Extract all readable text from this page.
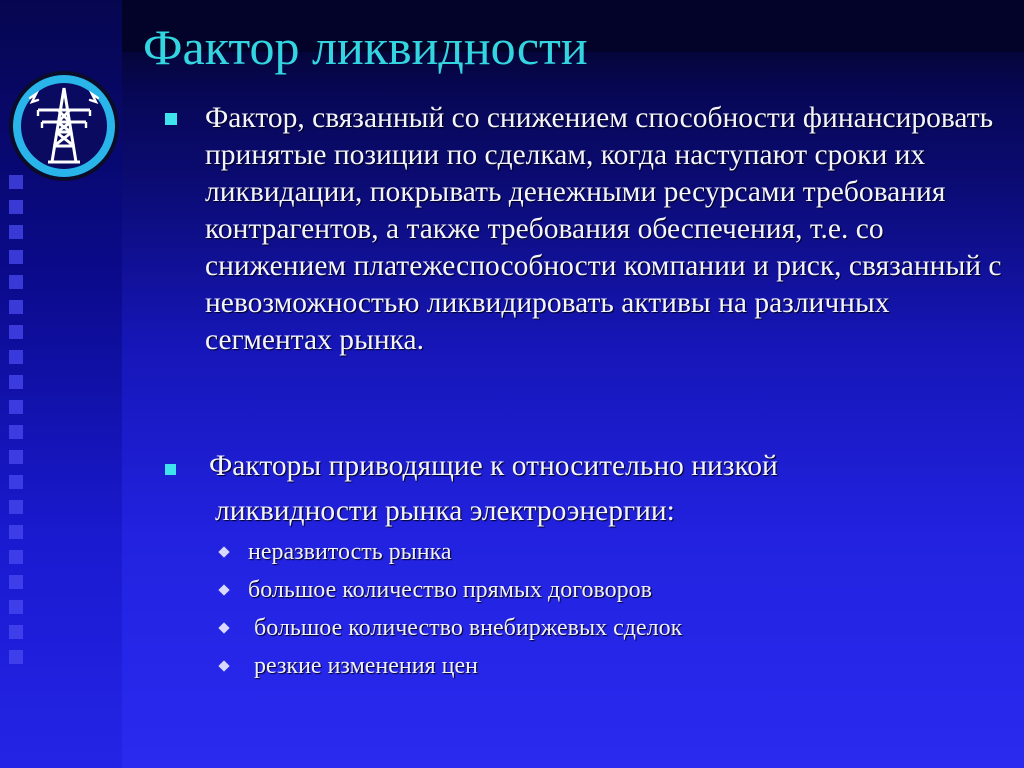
Фактор ликвидности

Фактор, связанный со снижением способности финансировать принятые позиции по сделкам, когда наступают сроки их ликвидации, покрывать денежными ресурсами требования контрагентов, а также требования обеспечения, т.е. со снижением платежеспособности компании и риск, связанный с невозможностью ликвидировать активы на различных сегментах рынка.

Факторы приводящие к относительно низкой

ликвидности рынка электроэнергии:

неразвитость рынка
большое количество прямых договоров
большое количество внебиржевых сделок
резкие изменения цен
